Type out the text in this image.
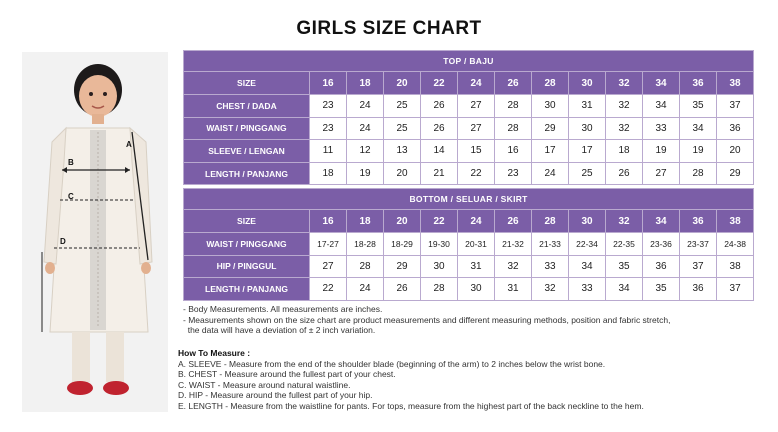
GIRLS SIZE CHART
A
B
C
D
TOP / BAJU												
SIZE	16	18	20	22	24	26	28	30	32	34	36	38
CHEST / DADA	23	24	25	26	27	28	30	31	32	34	35	37
WAIST / PINGGANG	23	24	25	26	27	28	29	30	32	33	34	36
SLEEVE / LENGAN	11	12	13	14	15	16	17	17	18	19	19	20
LENGTH / PANJANG	18	19	20	21	22	23	24	25	26	27	28	29
BOTTOM / SELUAR / SKIRT												
SIZE	16	18	20	22	24	26	28	30	32	34	36	38
WAIST / PINGGANG	17-27	18-28	18-29	19-30	20-31	21-32	21-33	22-34	22-35	23-36	23-37	24-38
HIP / PINGGUL	27	28	29	30	31	32	33	34	35	36	37	38
LENGTH / PANJANG	22	24	26	28	30	31	32	33	34	35	36	37
- Body Measurements. All measurements are inches.
- Measurements shown on the size chart are product measurements and different measuring methods, position and fabric stretch,
the data will have a deviation of ± 2 inch variation.
How To Measure :
A. SLEEVE - Measure from the end of the shoulder blade (beginning of the arm) to 2 inches below the wrist bone.
B. CHEST - Measure around the fullest part of your chest.
C. WAIST - Measure around natural waistline.
D. HIP - Measure around the fullest part of your hip.
E. LENGTH - Measure from the waistline for pants. For tops, measure from the highest part of the back neckline to the hem.
